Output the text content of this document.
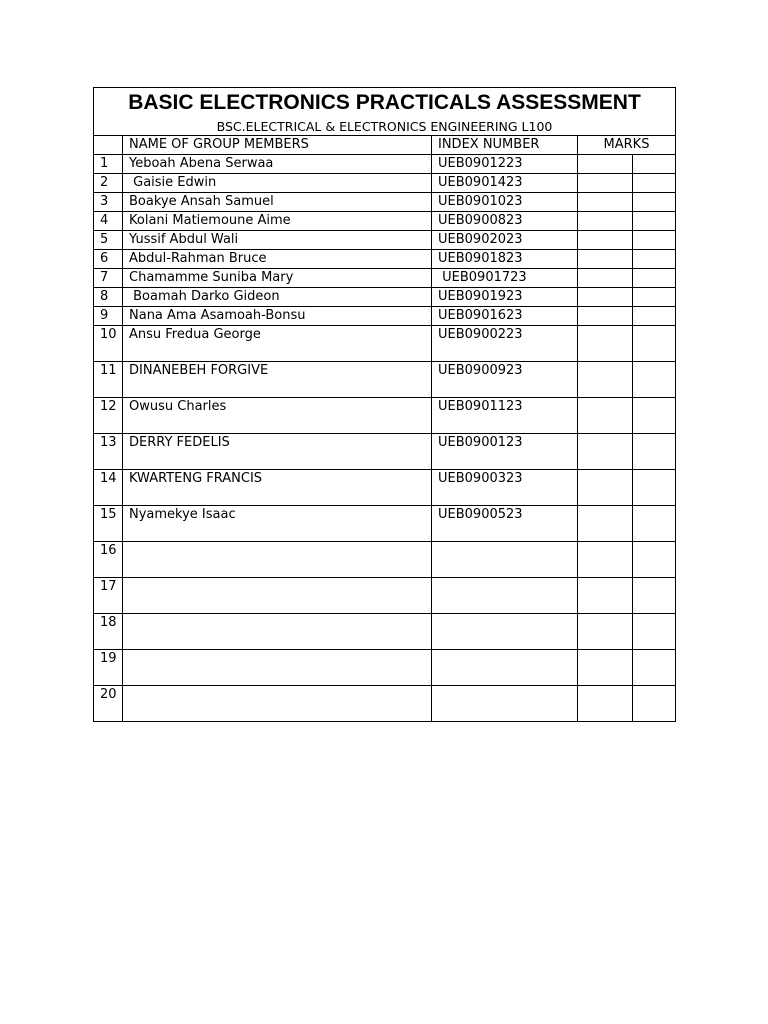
BASIC ELECTRONICS PRACTICALS ASSESSMENT				
BSC.ELECTRICAL & ELECTRONICS ENGINEERING L100				
	NAME OF GROUP MEMBERS	INDEX NUMBER	MARKS	
1	Yeboah Abena Serwaa	UEB0901223		
2	Gaisie Edwin	UEB0901423		
3	Boakye Ansah Samuel	UEB0901023		
4	Kolani Matiemoune Aime	UEB0900823		
5	Yussif Abdul Wali	UEB0902023		
6	Abdul-Rahman Bruce	UEB0901823		
7	Chamamme Suniba Mary	UEB0901723		
8	Boamah Darko Gideon	UEB0901923		
9	Nana Ama Asamoah-Bonsu	UEB0901623		
10	Ansu Fredua George	UEB0900223		
11	DINANEBEH FORGIVE	UEB0900923		
12	Owusu Charles	UEB0901123		
13	DERRY FEDELIS	UEB0900123		
14	KWARTENG FRANCIS	UEB0900323		
15	Nyamekye Isaac	UEB0900523		
16				
17				
18				
19				
20				
